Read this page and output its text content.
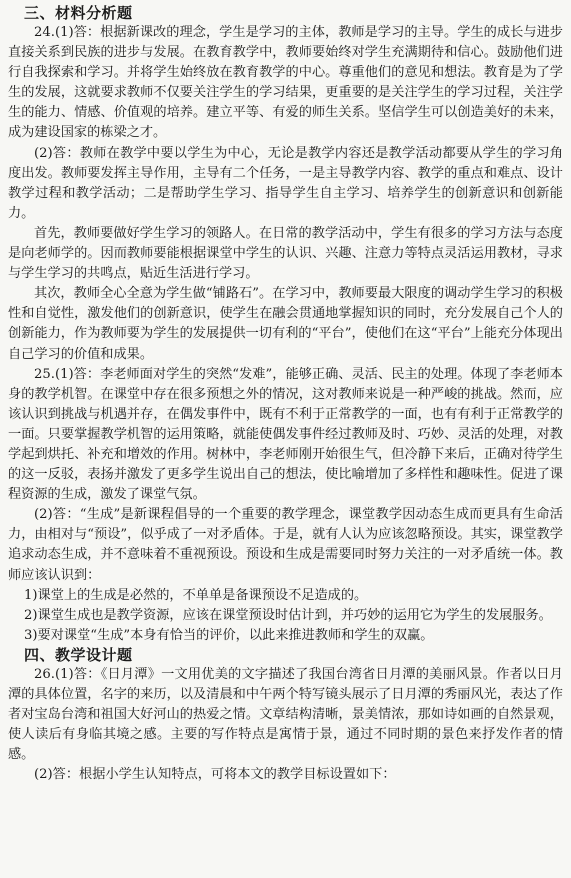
三、材料分析题

24.(1)答：根据新课改的理念，学生是学习的主体，教师是学习的主导。学生的成长与进步直接关系到民族的进步与发展。在教育教学中，教师要始终对学生充满期待和信心。鼓励他们进行自我探索和学习。并将学生始终放在教育教学的中心。尊重他们的意见和想法。教育是为了学生的发展，这就要求教师不仅要关注学生的学习结果，更重要的是关注学生的学习过程，关注学生的能力、情感、价值观的培养。建立平等、有爱的师生关系。坚信学生可以创造美好的未来，成为建设国家的栋梁之才。

(2)答：教师在教学中要以学生为中心，无论是教学内容还是教学活动都要从学生的学习角度出发。教师要发挥主导作用，主导有二个任务，一是主导教学内容、教学的重点和难点、设计教学过程和教学活动；二是帮助学生学习、指导学生自主学习、培养学生的创新意识和创新能力。

首先，教师要做好学生学习的领路人。在日常的教学活动中，学生有很多的学习方法与态度是向老师学的。因而教师要能根据课堂中学生的认识、兴趣、注意力等特点灵活运用教材，寻求与学生学习的共鸣点，贴近生活进行学习。

其次，教师全心全意为学生做“铺路石”。在学习中，教师要最大限度的调动学生学习的积极性和自觉性，激发他们的创新意识，使学生在融会贯通地掌握知识的同时，充分发展自己个人的创新能力，作为教师要为学生的发展提供一切有利的“平台”，使他们在这“平台”上能充分体现出自己学习的价值和成果。

25.(1)答：李老师面对学生的突然“发难”，能够正确、灵活、民主的处理。体现了李老师本身的教学机智。在课堂中存在很多预想之外的情况，这对教师来说是一种严峻的挑战。然而，应该认识到挑战与机遇并存，在偶发事件中，既有不利于正常教学的一面，也有有利于正常教学的一面。只要掌握教学机智的运用策略，就能使偶发事件经过教师及时、巧妙、灵活的处理，对教学起到烘托、补充和增效的作用。树林中，李老师刚开始很生气，但冷静下来后，正确对待学生的这一反驳，表扬并激发了更多学生说出自己的想法，使比喻增加了多样性和趣味性。促进了课程资源的生成，激发了课堂气氛。

(2)答：“生成”是新课程倡导的一个重要的教学理念，课堂教学因动态生成而更具有生命活力，由相对与“预设”，似乎成了一对矛盾体。于是，就有人认为应该忽略预设。其实，课堂教学追求动态生成，并不意味着不重视预设。预设和生成是需要同时努力关注的一对矛盾统一体。教师应该认识到：

1)课堂上的生成是必然的，不单单是备课预设不足造成的。

2)课堂生成也是教学资源，应该在课堂预设时估计到，并巧妙的运用它为学生的发展服务。

3)要对课堂“生成”本身有恰当的评价，以此来推进教师和学生的双赢。

四、教学设计题

26.(1)答：《日月潭》一文用优美的文字描述了我国台湾省日月潭的美丽风景。作者以日月潭的具体位置，名字的来历，以及清晨和中午两个特写镜头展示了日月潭的秀丽风光，表达了作者对宝岛台湾和祖国大好河山的热爱之情。文章结构清晰，景美情浓，那如诗如画的自然景观，使人读后有身临其境之感。主要的写作特点是寓情于景，通过不同时期的景色来抒发作者的情感。

(2)答：根据小学生认知特点，可将本文的教学目标设置如下：
